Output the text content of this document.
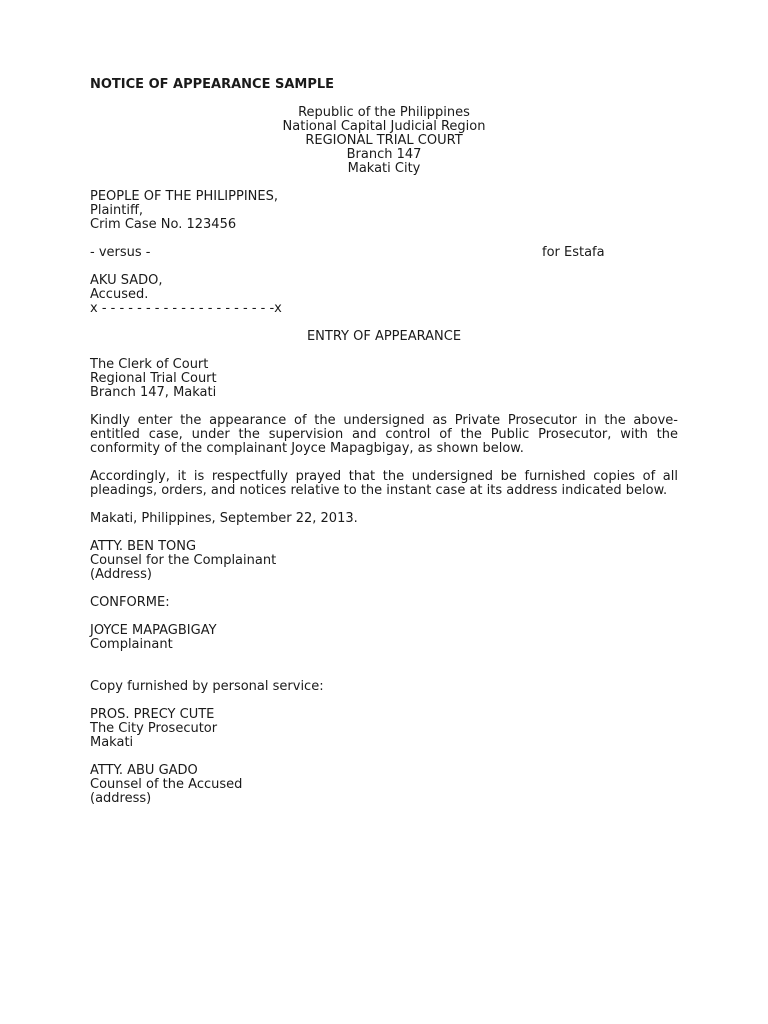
NOTICE OF APPEARANCE SAMPLE
Republic of the Philippines
National Capital Judicial Region
REGIONAL TRIAL COURT
Branch 147
Makati City
PEOPLE OF THE PHILIPPINES,
Plaintiff,
Crim Case No. 123456
- versus -	for Estafa
AKU SADO,
Accused.
x - - - - - - - - - - - - - - - - - - - -x
ENTRY OF APPEARANCE
The Clerk of Court
Regional Trial Court
Branch 147, Makati

Kindly enter the appearance of the undersigned as Private Prosecutor in the above-entitled case, under the supervision and control of the Public Prosecutor, with the conformity of the complainant Joyce Mapagbigay, as shown below.

Accordingly, it is respectfully prayed that the undersigned be furnished copies of all pleadings, orders, and notices relative to the instant case at its address indicated below.

Makati, Philippines, September 22, 2013.
ATTY. BEN TONG
Counsel for the Complainant
(Address)
CONFORME:
JOYCE MAPAGBIGAY
Complainant
Copy furnished by personal service:
PROS. PRECY CUTE
The City Prosecutor
Makati
ATTY. ABU GADO
Counsel of the Accused
(address)
